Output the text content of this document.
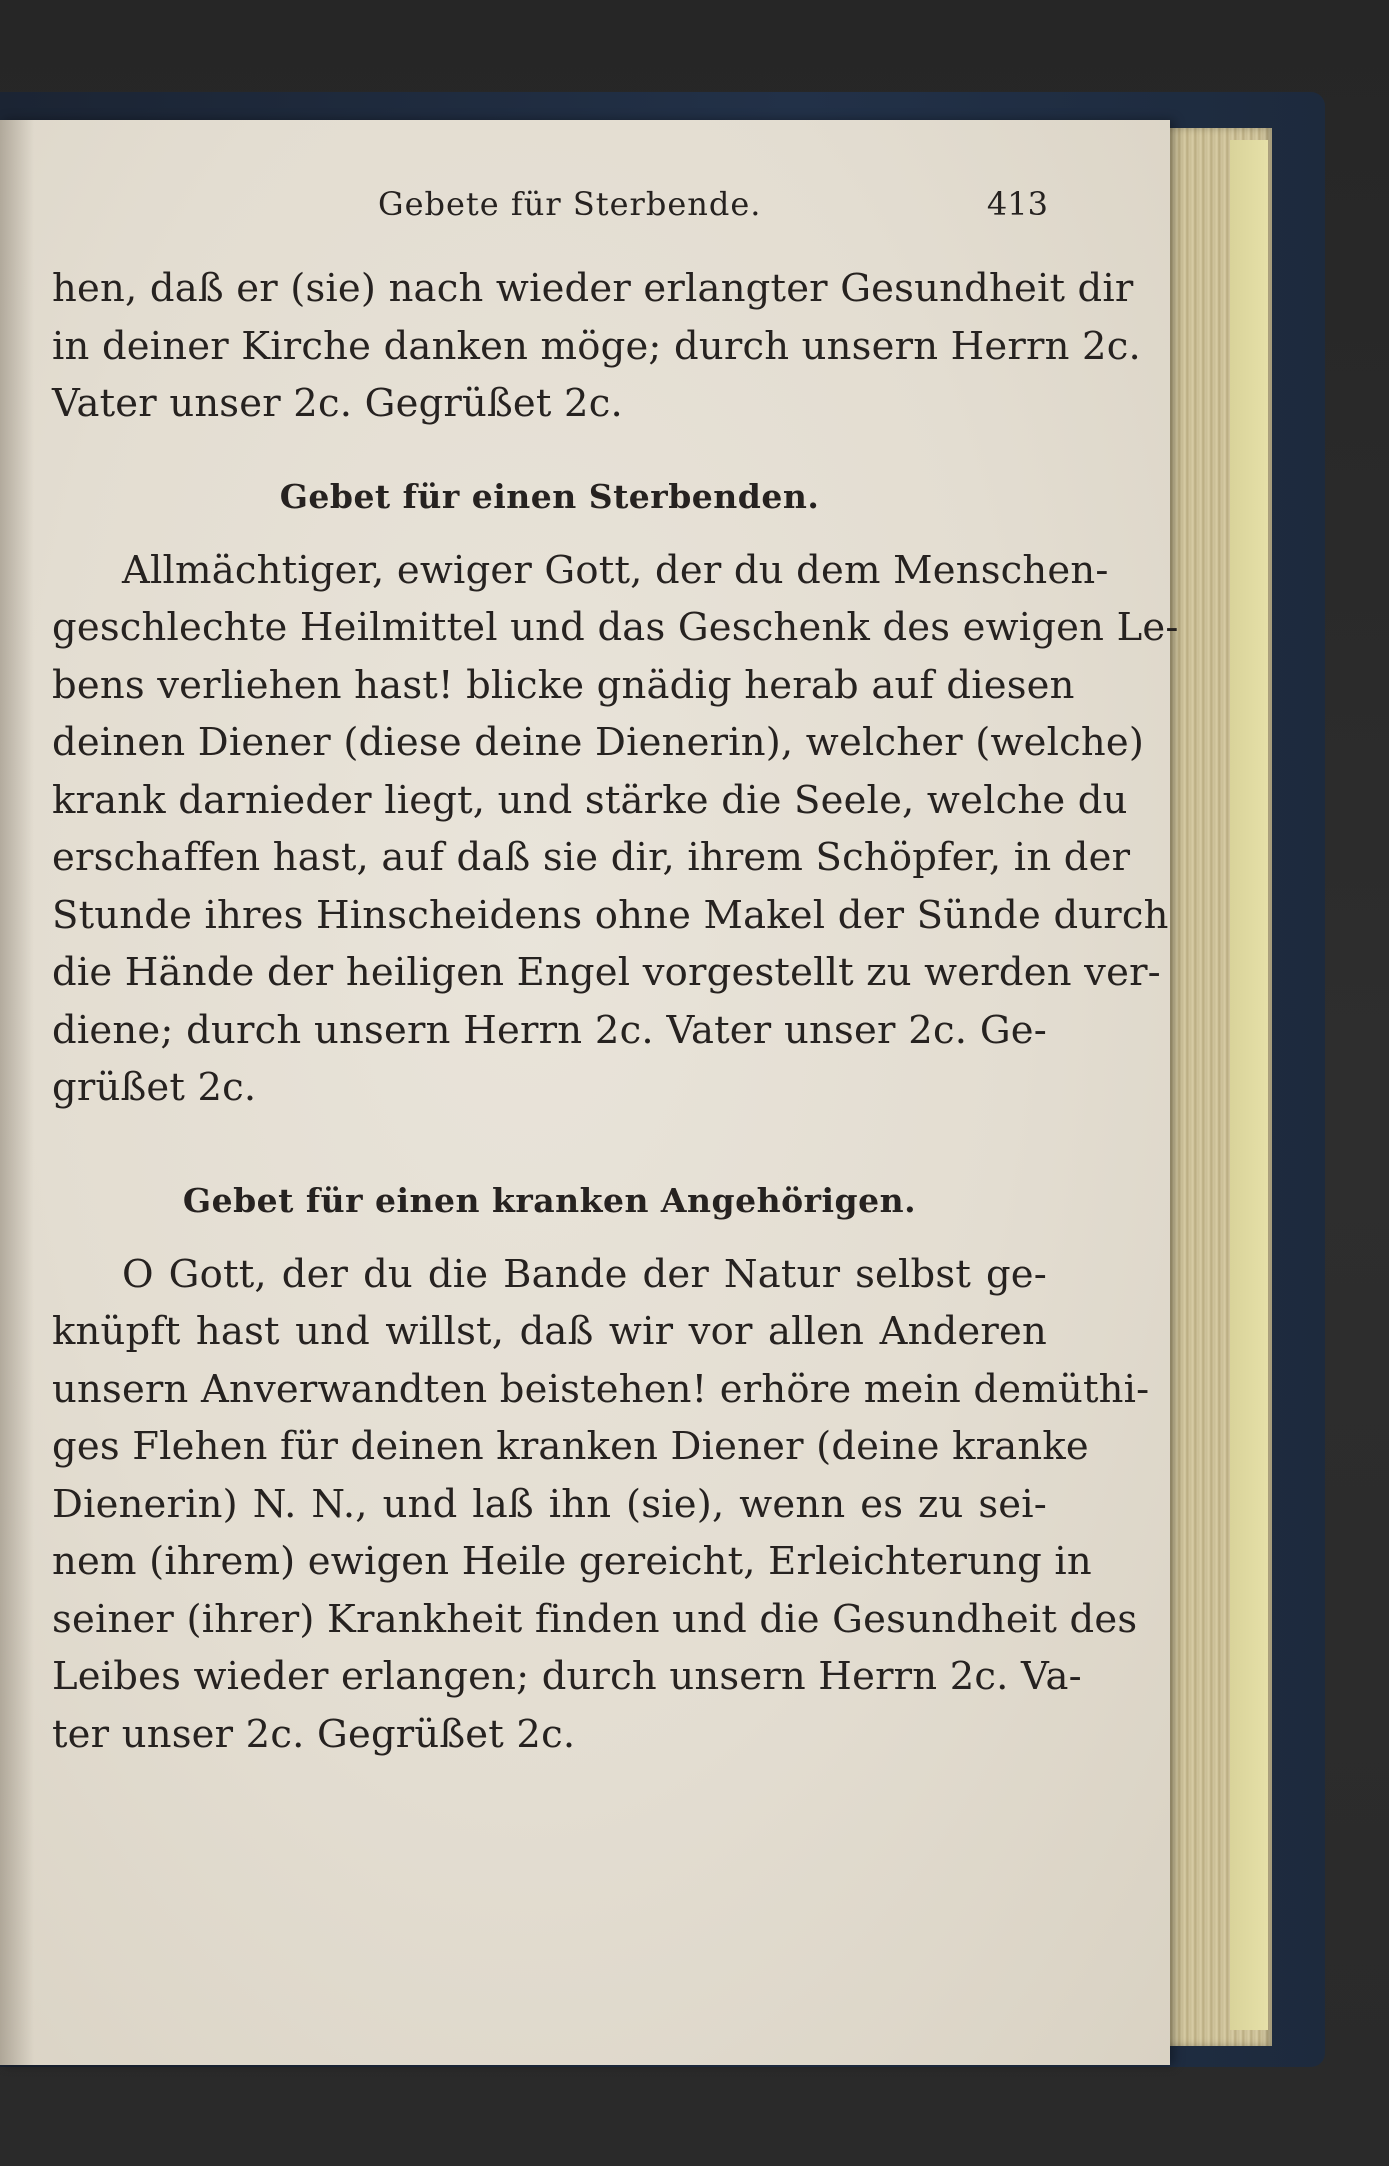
Gebete für Sterbende.	413

hen, daß er (sie) nach wieder erlangter Gesundheit dir
in deiner Kirche danken möge; durch unsern Herrn 2c.
Vater unser 2c. Gegrüßet 2c.

Gebet für einen Sterbenden.

Allmächtiger, ewiger Gott, der du dem Menschen-
geschlechte Heilmittel und das Geschenk des ewigen Le-
bens verliehen hast! blicke gnädig herab auf diesen
deinen Diener (diese deine Dienerin), welcher (welche)
krank darnieder liegt, und stärke die Seele, welche du
erschaffen hast, auf daß sie dir, ihrem Schöpfer, in der
Stunde ihres Hinscheidens ohne Makel der Sünde durch
die Hände der heiligen Engel vorgestellt zu werden ver-
diene; durch unsern Herrn 2c. Vater unser 2c. Ge-
grüßet 2c.

Gebet für einen kranken Angehörigen.

O Gott, der du die Bande der Natur selbst ge-
knüpft hast und willst, daß wir vor allen Anderen
unsern Anverwandten beistehen! erhöre mein demüthi-
ges Flehen für deinen kranken Diener (deine kranke
Dienerin) N. N., und laß ihn (sie), wenn es zu sei-
nem (ihrem) ewigen Heile gereicht, Erleichterung in
seiner (ihrer) Krankheit finden und die Gesundheit des
Leibes wieder erlangen; durch unsern Herrn 2c. Va-
ter unser 2c. Gegrüßet 2c.
